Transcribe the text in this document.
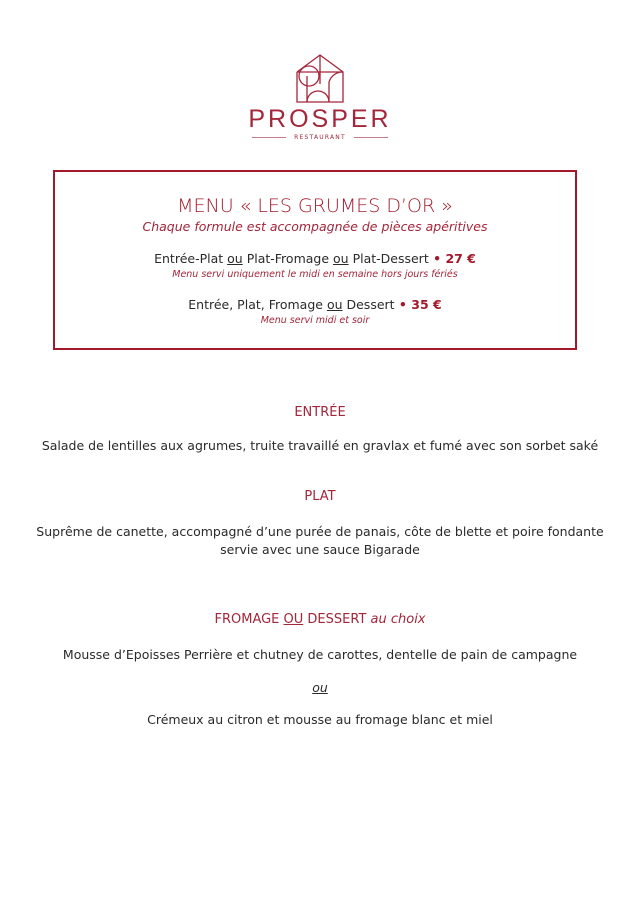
PROSPER
RESTAURANT
MENU « LES GRUMES D’OR »
Chaque formule est accompagnée de pièces apéritives
Entrée-Plat ou Plat-Fromage ou Plat-Dessert • 27 €
Menu servi uniquement le midi en semaine hors jours fériés
Entrée, Plat, Fromage ou Dessert • 35 €
Menu servi midi et soir
ENTRÉE
Salade de lentilles aux agrumes, truite travaillé en gravlax et fumé avec son sorbet saké
PLAT
Suprême de canette, accompagné d’une purée de panais, côte de blette et poire fondante
servie avec une sauce Bigarade
FROMAGE OU DESSERT au choix
Mousse d’Epoisses Perrière et chutney de carottes, dentelle de pain de campagne
ou
Crémeux au citron et mousse au fromage blanc et miel
